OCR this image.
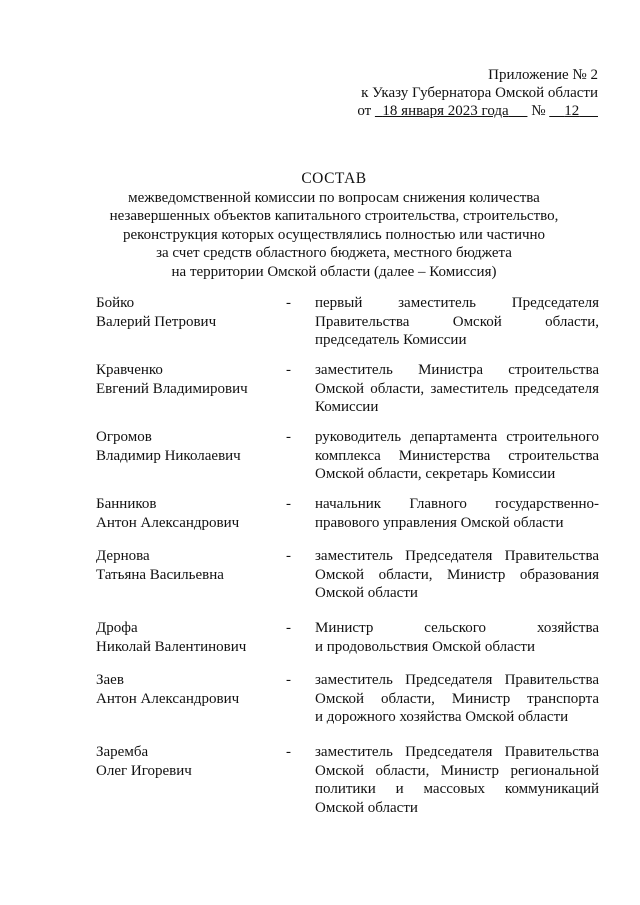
Приложение № 2
к Указу Губернатора Омской области
от 18 января 2023 года № 12
СОСТАВ
межведомственной комиссии по вопросам снижения количества
незавершенных объектов капитального строительства, строительство,
реконструкция которых осуществлялись полностью или частично
за счет средств областного бюджета, местного бюджета
на территории Омской области (далее – Комиссия)
Бойко
Валерий Петрович
- первый заместитель Председателя
Правительства Омской области,
председатель Комиссии
Кравченко
Евгений Владимирович
- заместитель Министра строительства
Омской области, заместитель председателя
Комиссии
Огромов
Владимир Николаевич
- руководитель департамента строительного
комплекса Министерства строительства
Омской области, секретарь Комиссии
Банников
Антон Александрович
- начальник Главного государственно-
правового управления Омской области
Дернова
Татьяна Васильевна
- заместитель Председателя Правительства
Омской области, Министр образования
Омской области
Дрофа
Николай Валентинович
- Министр сельского хозяйства
и продовольствия Омской области
Заев
Антон Александрович
- заместитель Председателя Правительства
Омской области, Министр транспорта
и дорожного хозяйства Омской области
Заремба
Олег Игоревич
- заместитель Председателя Правительства
Омской области, Министр региональной
политики и массовых коммуникаций
Омской области
